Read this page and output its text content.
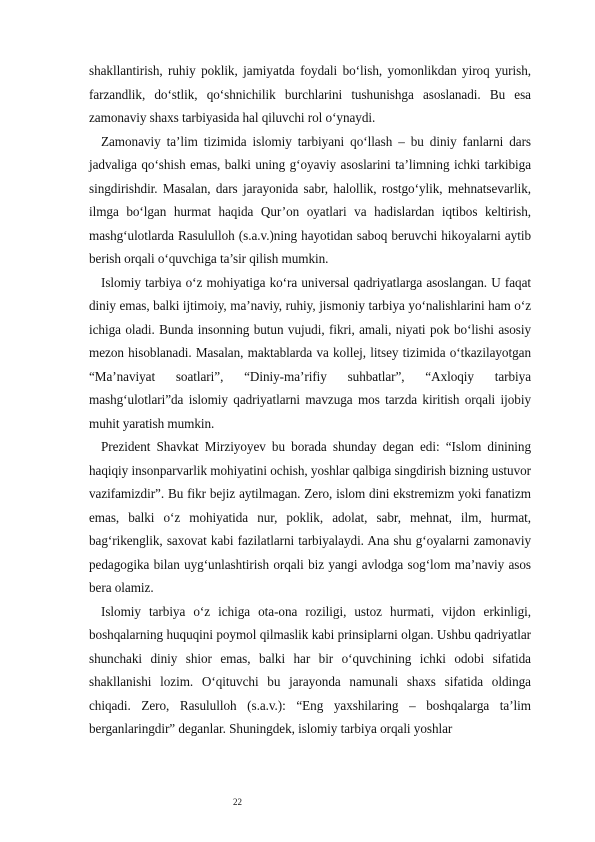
shakllantirish, ruhiy poklik, jamiyatda foydali bo‘lish, yomonlikdan yiroq yurish, farzandlik, do‘stlik, qo‘shnichilik burchlarini tushunishga asoslanadi. Bu esa zamonaviy shaxs tarbiyasida hal qiluvchi rol o‘ynaydi.

Zamonaviy ta’lim tizimida islomiy tarbiyani qo‘llash – bu diniy fanlarni dars jadvaliga qo‘shish emas, balki uning g‘oyaviy asoslarini ta’limning ichki tarkibiga singdirishdir. Masalan, dars jarayonida sabr, halollik, rostgo‘ylik, mehnatsevarlik, ilmga bo‘lgan hurmat haqida Qur’on oyatlari va hadislardan iqtibos keltirish, mashg‘ulotlarda Rasululloh (s.a.v.)ning hayotidan saboq beruvchi hikoyalarni aytib berish orqali o‘quvchiga ta’sir qilish mumkin.

Islomiy tarbiya o‘z mohiyatiga ko‘ra universal qadriyatlarga asoslangan. U faqat diniy emas, balki ijtimoiy, ma’naviy, ruhiy, jismoniy tarbiya yo‘nalishlarini ham o‘z ichiga oladi. Bunda insonning butun vujudi, fikri, amali, niyati pok bo‘lishi asosiy mezon hisoblanadi. Masalan, maktablarda va kollej, litsey tizimida o‘tkazilayotgan “Ma’naviyat soatlari”, “Diniy-ma’rifiy suhbatlar”, “Axloqiy tarbiya mashg‘ulotlari”da islomiy qadriyatlarni mavzuga mos tarzda kiritish orqali ijobiy muhit yaratish mumkin.

Prezident Shavkat Mirziyoyev bu borada shunday degan edi: “Islom dinining haqiqiy insonparvarlik mohiyatini ochish, yoshlar qalbiga singdirish bizning ustuvor vazifamizdir”. Bu fikr bejiz aytilmagan. Zero, islom dini ekstremizm yoki fanatizm emas, balki o‘z mohiyatida nur, poklik, adolat, sabr, mehnat, ilm, hurmat, bag‘rikenglik, saxovat kabi fazilatlarni tarbiyalaydi. Ana shu g‘oyalarni zamonaviy pedagogika bilan uyg‘unlashtirish orqali biz yangi avlodga sog‘lom ma’naviy asos bera olamiz.

Islomiy tarbiya o‘z ichiga ota-ona roziligi, ustoz hurmati, vijdon erkinligi, boshqalarning huquqini poymol qilmaslik kabi prinsiplarni olgan. Ushbu qadriyatlar shunchaki diniy shior emas, balki har bir o‘quvchining ichki odobi sifatida shakllanishi lozim. O‘qituvchi bu jarayonda namunali shaxs sifatida oldinga chiqadi. Zero, Rasululloh (s.a.v.): “Eng yaxshilaring – boshqalarga ta’lim berganlaringdir” deganlar. Shuningdek, islomiy tarbiya orqali yoshlar

22
